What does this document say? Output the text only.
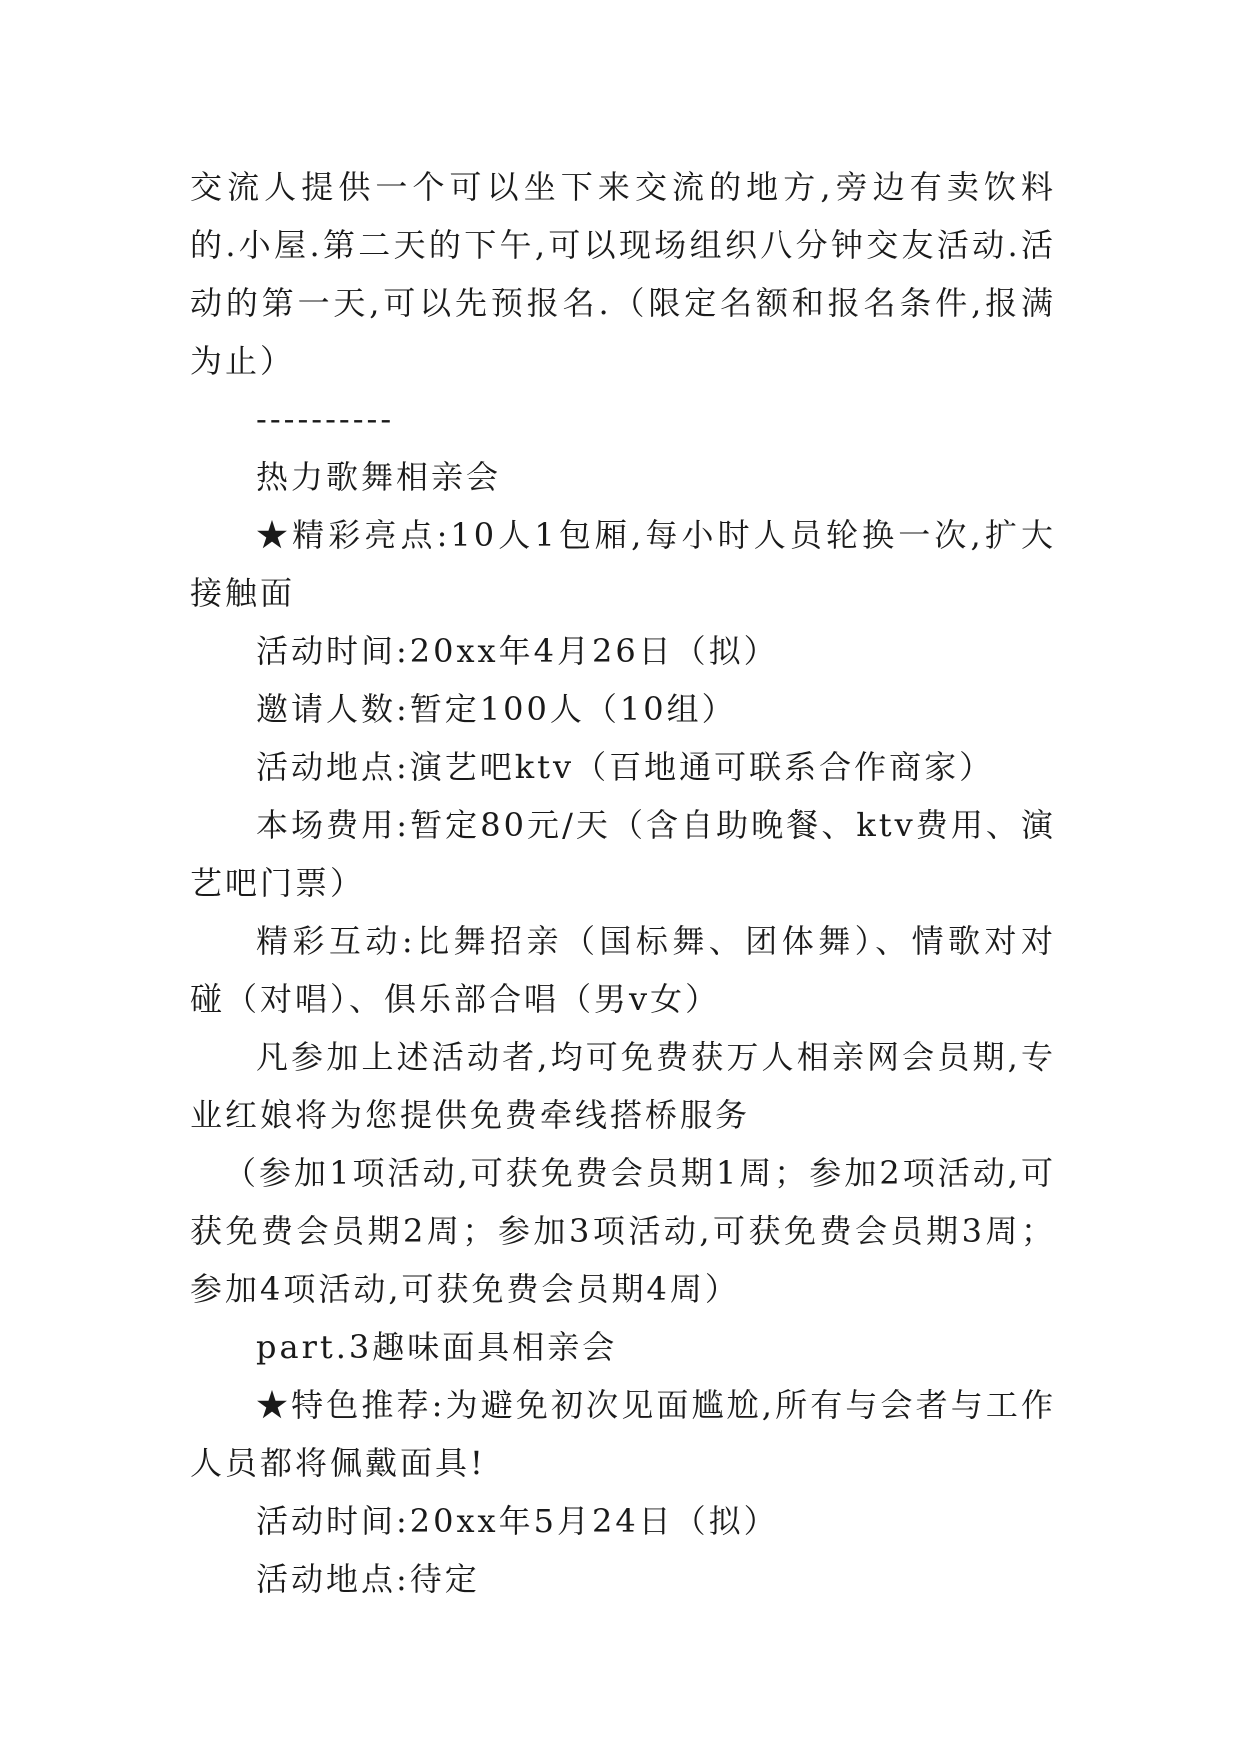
交流人提供一个可以坐下来交流的地方,旁边有卖饮料的.小屋.第二天的下午,可以现场组织八分钟交友活动.活动的第一天,可以先预报名.（限定名额和报名条件,报满为止）

----------

热力歌舞相亲会

★精彩亮点:10人1包厢,每小时人员轮换一次,扩大接触面

活动时间:20xx年4月26日（拟）

邀请人数:暂定100人（10组）

活动地点:演艺吧ktv（百地通可联系合作商家）

本场费用:暂定80元/天（含自助晚餐、ktv费用、演艺吧门票）

精彩互动:比舞招亲（国标舞、团体舞）、情歌对对碰（对唱）、俱乐部合唱（男v女）

凡参加上述活动者,均可免费获万人相亲网会员期,专业红娘将为您提供免费牵线搭桥服务

（参加1项活动,可获免费会员期1周；参加2项活动,可获免费会员期2周；参加3项活动,可获免费会员期3周；参加4项活动,可获免费会员期4周）

part.3趣味面具相亲会

★特色推荐:为避免初次见面尴尬,所有与会者与工作人员都将佩戴面具!

活动时间:20xx年5月24日（拟）

活动地点:待定
